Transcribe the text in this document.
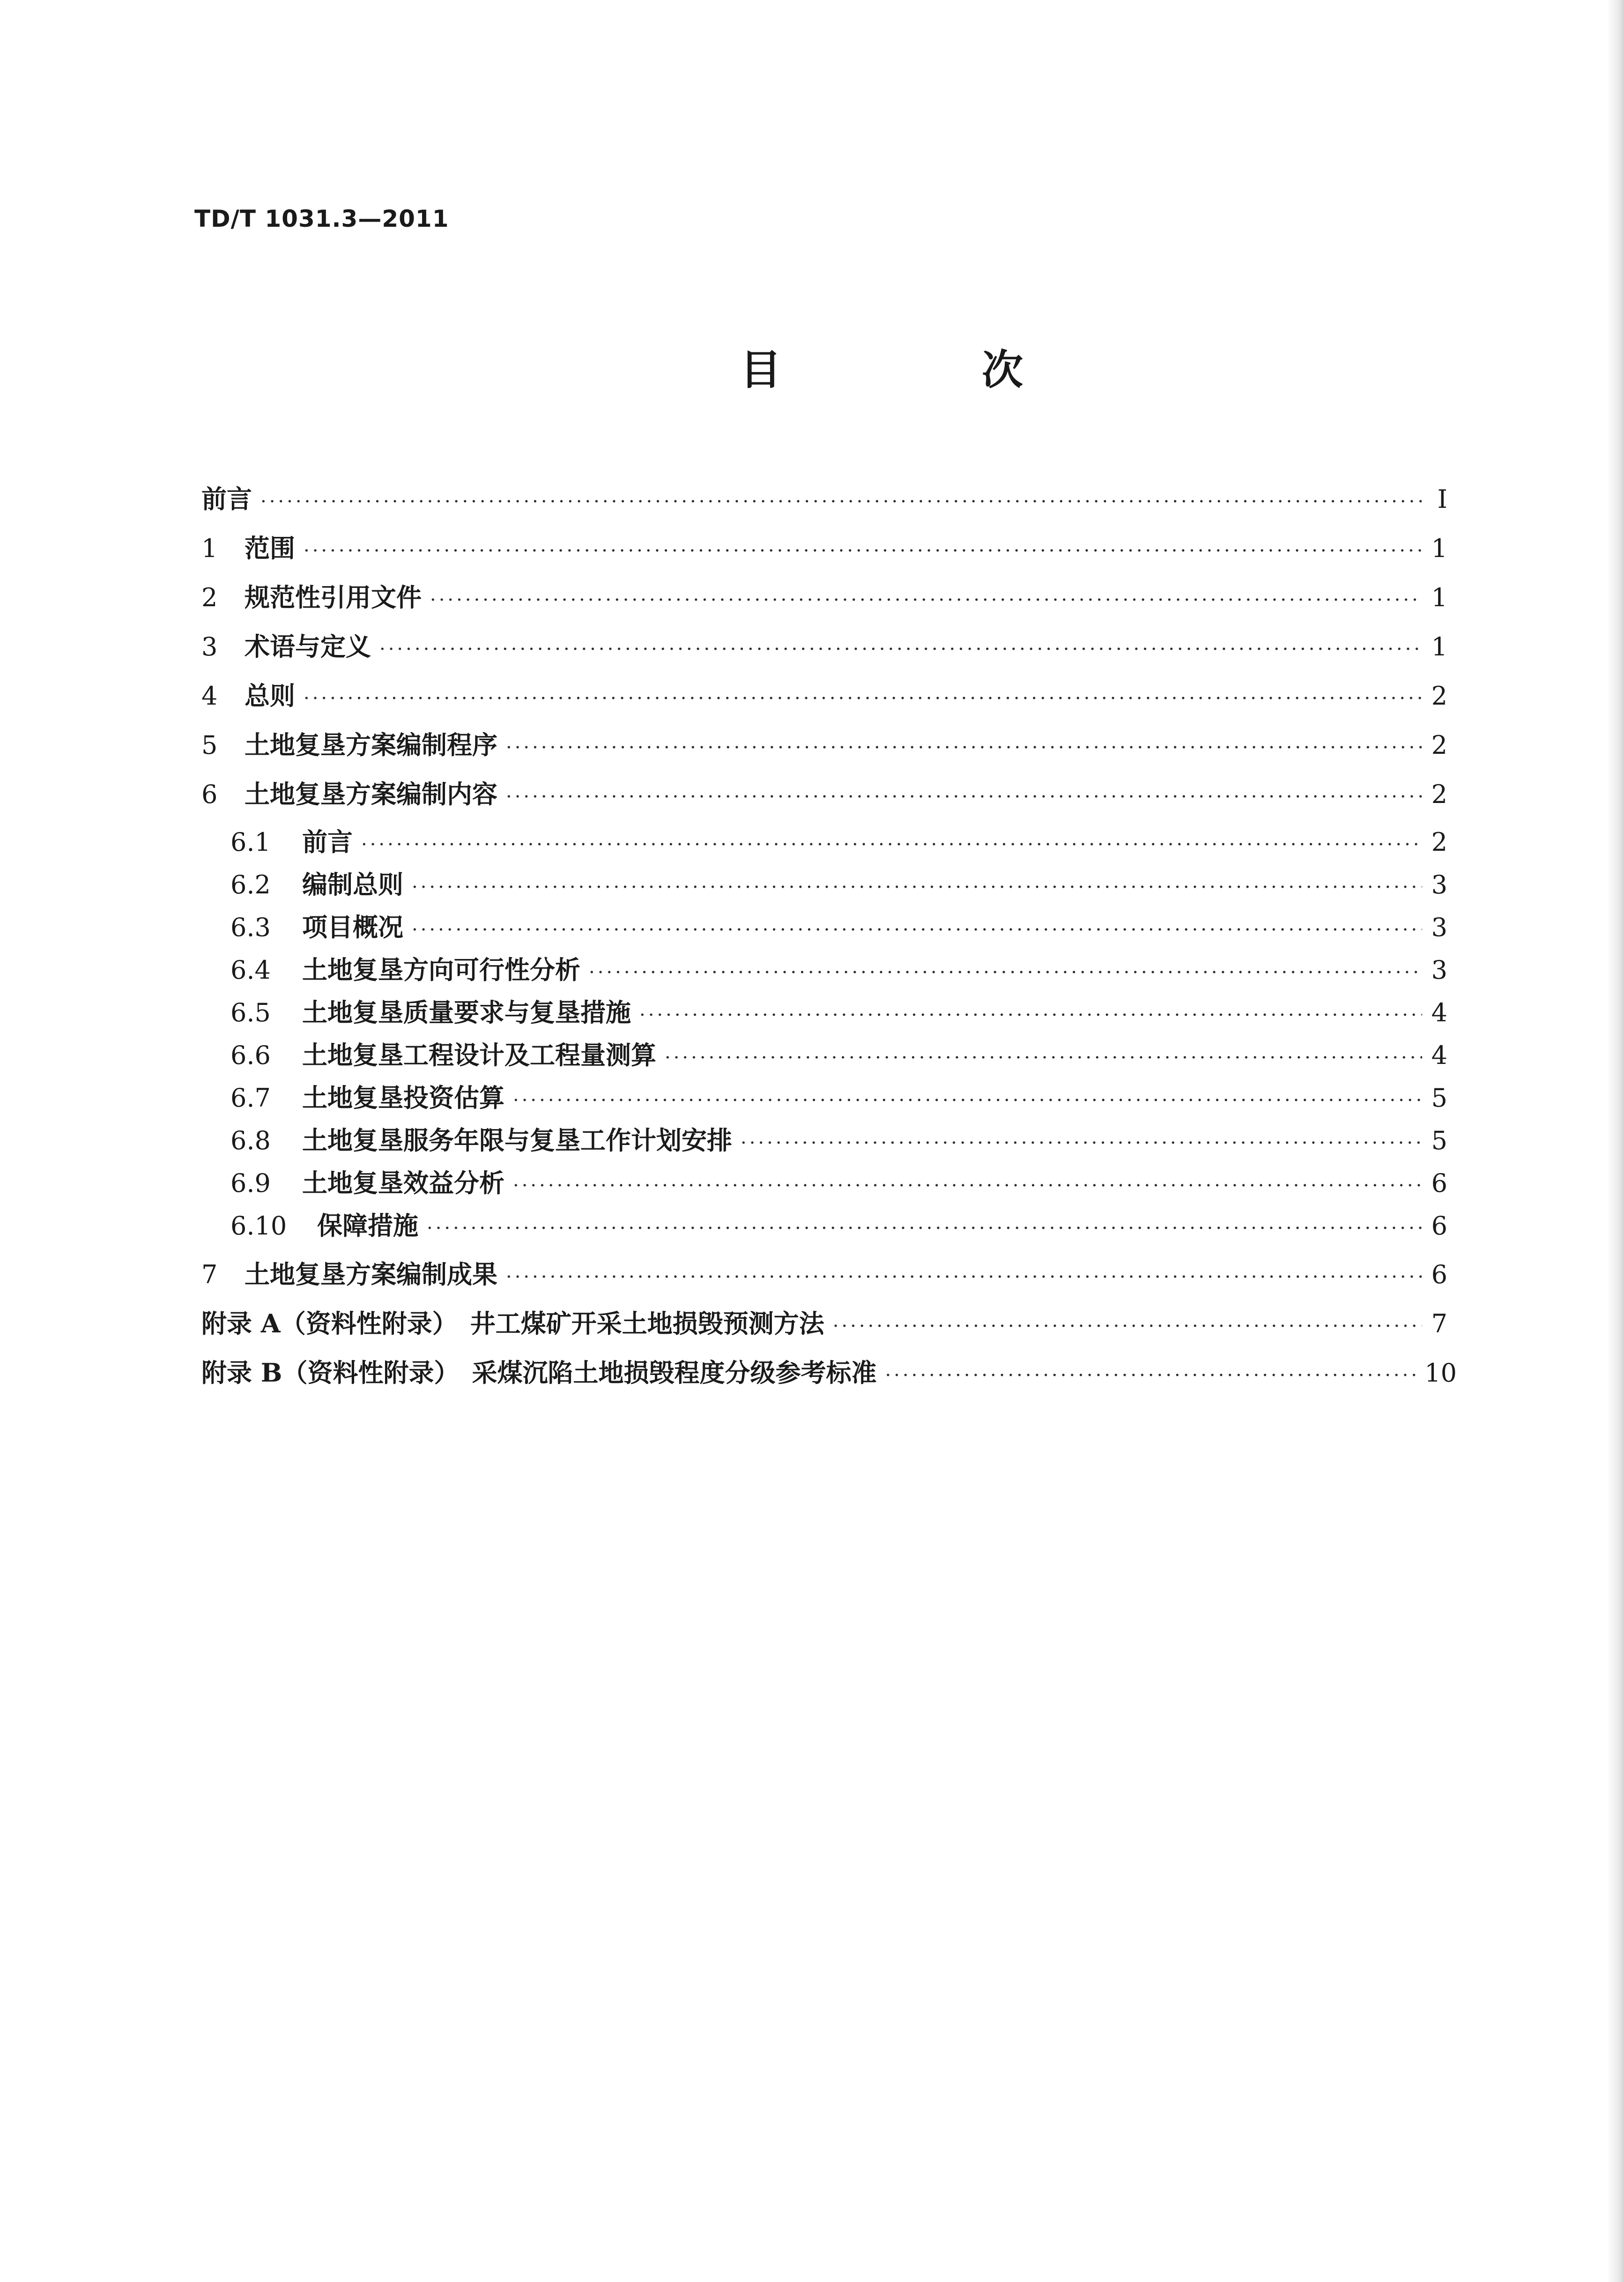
TD/T 1031.3—2011
目　次
前言 ·····	Ⅰ
1	范围 ·····	1
2	规范性引用文件 ·····	1
3	术语与定义 ·····	1
4	总则 ·····	2
5	土地复垦方案编制程序 ·····	2
6	土地复垦方案编制内容 ·····	2
6.1	前言 ·····	2
6.2	编制总则 ·····	3
6.3	项目概况 ·····	3
6.4	土地复垦方向可行性分析 ·····	3
6.5	土地复垦质量要求与复垦措施 ·····	4
6.6	土地复垦工程设计及工程量测算 ·····	4
6.7	土地复垦投资估算 ·····	5
6.8	土地复垦服务年限与复垦工作计划安排 ·····	5
6.9	土地复垦效益分析 ·····	6
6.10	保障措施 ·····	6
7	土地复垦方案编制成果 ·····	6
附录 A（资料性附录）　井工煤矿开采土地损毁预测方法 ·····	7
附录 B（资料性附录）　采煤沉陷土地损毁程度分级参考标准 ·····	10
